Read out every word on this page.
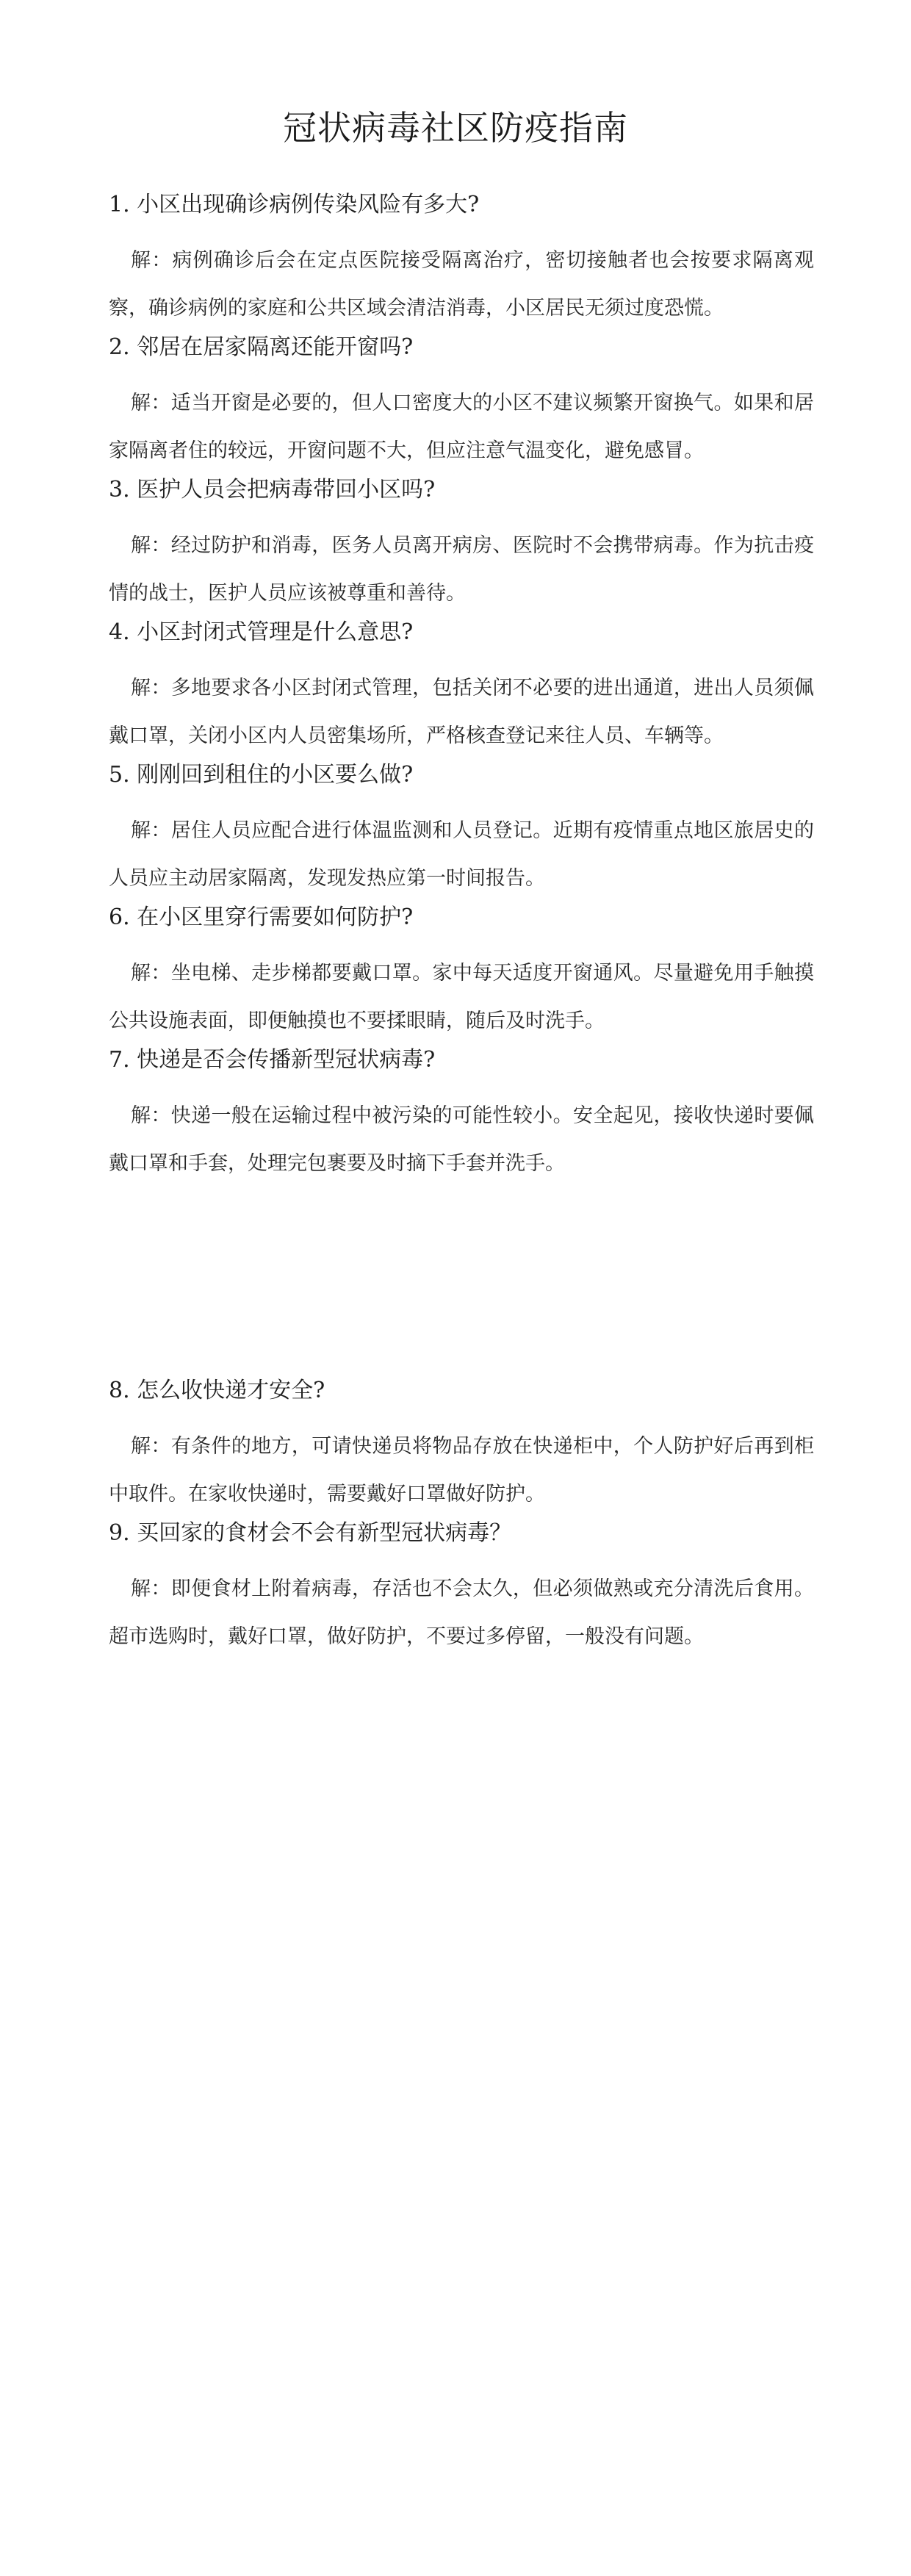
冠状病毒社区防疫指南
1. 小区出现确诊病例传染风险有多大?
解：病例确诊后会在定点医院接受隔离治疗，密切接触者也会按要求隔离观察，确诊病例的家庭和公共区域会清洁消毒，小区居民无须过度恐慌。
2. 邻居在居家隔离还能开窗吗?
解：适当开窗是必要的，但人口密度大的小区不建议频繁开窗换气。如果和居家隔离者住的较远，开窗问题不大，但应注意气温变化，避免感冒。
3. 医护人员会把病毒带回小区吗?
解：经过防护和消毒，医务人员离开病房、医院时不会携带病毒。作为抗击疫情的战士，医护人员应该被尊重和善待。
4. 小区封闭式管理是什么意思?
解：多地要求各小区封闭式管理，包括关闭不必要的进出通道，进出人员须佩戴口罩，关闭小区内人员密集场所，严格核查登记来往人员、车辆等。
5. 刚刚回到租住的小区要么做?
解：居住人员应配合进行体温监测和人员登记。近期有疫情重点地区旅居史的人员应主动居家隔离，发现发热应第一时间报告。
6. 在小区里穿行需要如何防护?
解：坐电梯、走步梯都要戴口罩。家中每天适度开窗通风。尽量避免用手触摸公共设施表面，即便触摸也不要揉眼睛，随后及时洗手。
7. 快递是否会传播新型冠状病毒?
解：快递一般在运输过程中被污染的可能性较小。安全起见，接收快递时要佩戴口罩和手套，处理完包裹要及时摘下手套并洗手。
8. 怎么收快递才安全?
解：有条件的地方，可请快递员将物品存放在快递柜中，个人防护好后再到柜中取件。在家收快递时，需要戴好口罩做好防护。
9. 买回家的食材会不会有新型冠状病毒？
解：即便食材上附着病毒，存活也不会太久，但必须做熟或充分清洗后食用。超市选购时，戴好口罩，做好防护，不要过多停留，一般没有问题。
